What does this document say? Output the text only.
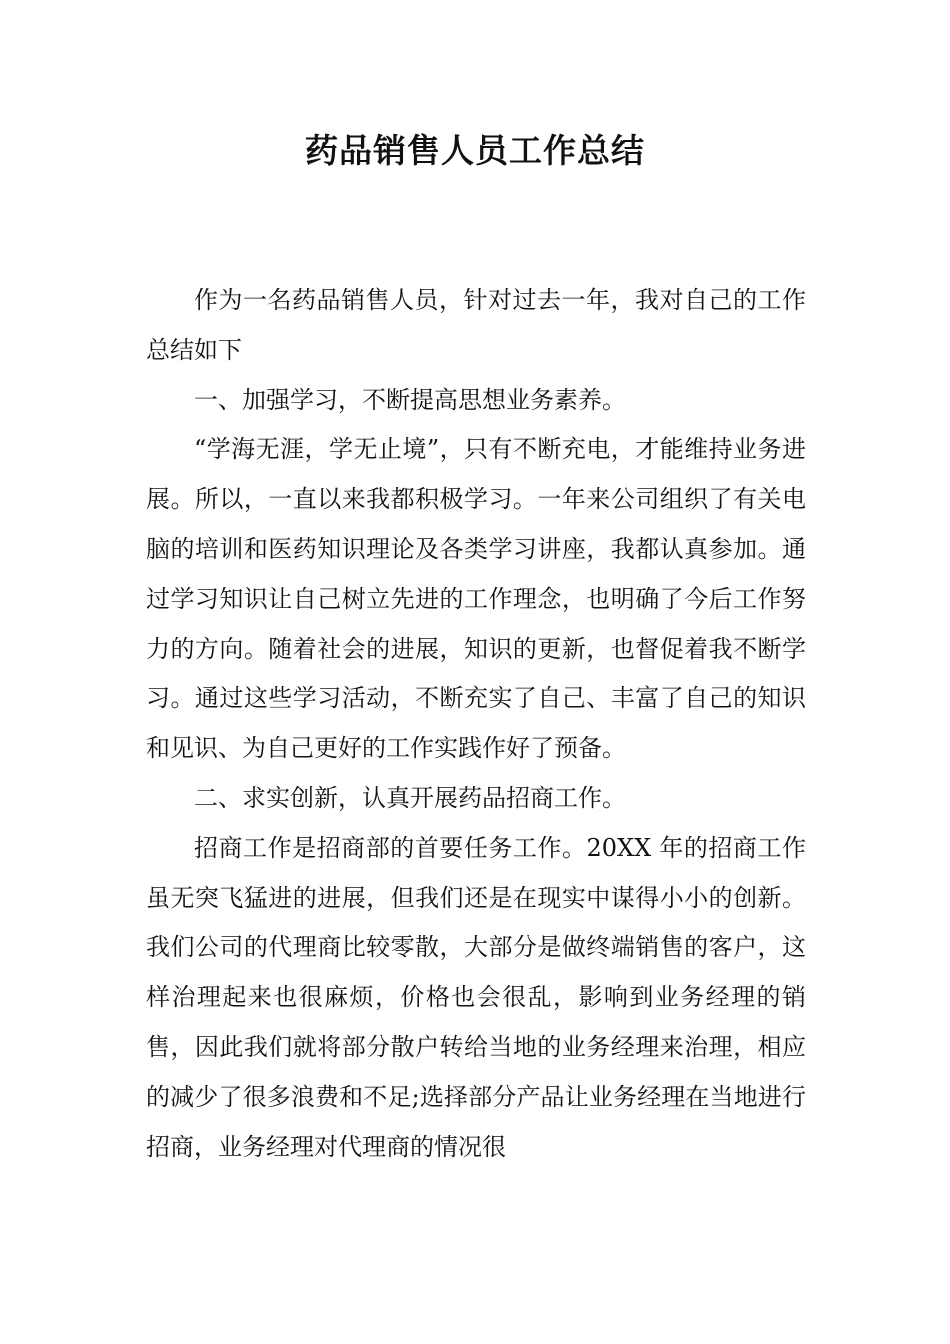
药品销售人员工作总结

作为一名药品销售人员，针对过去一年，我对自己的工作总结如下

一、加强学习，不断提高思想业务素养。

“学海无涯，学无止境”，只有不断充电，才能维持业务进展。所以，一直以来我都积极学习。一年来公司组织了有关电脑的培训和医药知识理论及各类学习讲座，我都认真参加。通过学习知识让自己树立先进的工作理念，也明确了今后工作努力的方向。随着社会的进展，知识的更新，也督促着我不断学习。通过这些学习活动，不断充实了自己、丰富了自己的知识和见识、为自己更好的工作实践作好了预备。

二、求实创新，认真开展药品招商工作。

招商工作是招商部的首要任务工作。20XX 年的招商工作虽无突飞猛进的进展，但我们还是在现实中谋得小小的创新。我们公司的代理商比较零散，大部分是做终端销售的客户，这样治理起来也很麻烦，价格也会很乱，影响到业务经理的销售，因此我们就将部分散户转给当地的业务经理来治理，相应的减少了很多浪费和不足;选择部分产品让业务经理在当地进行招商，业务经理对代理商的情况很
